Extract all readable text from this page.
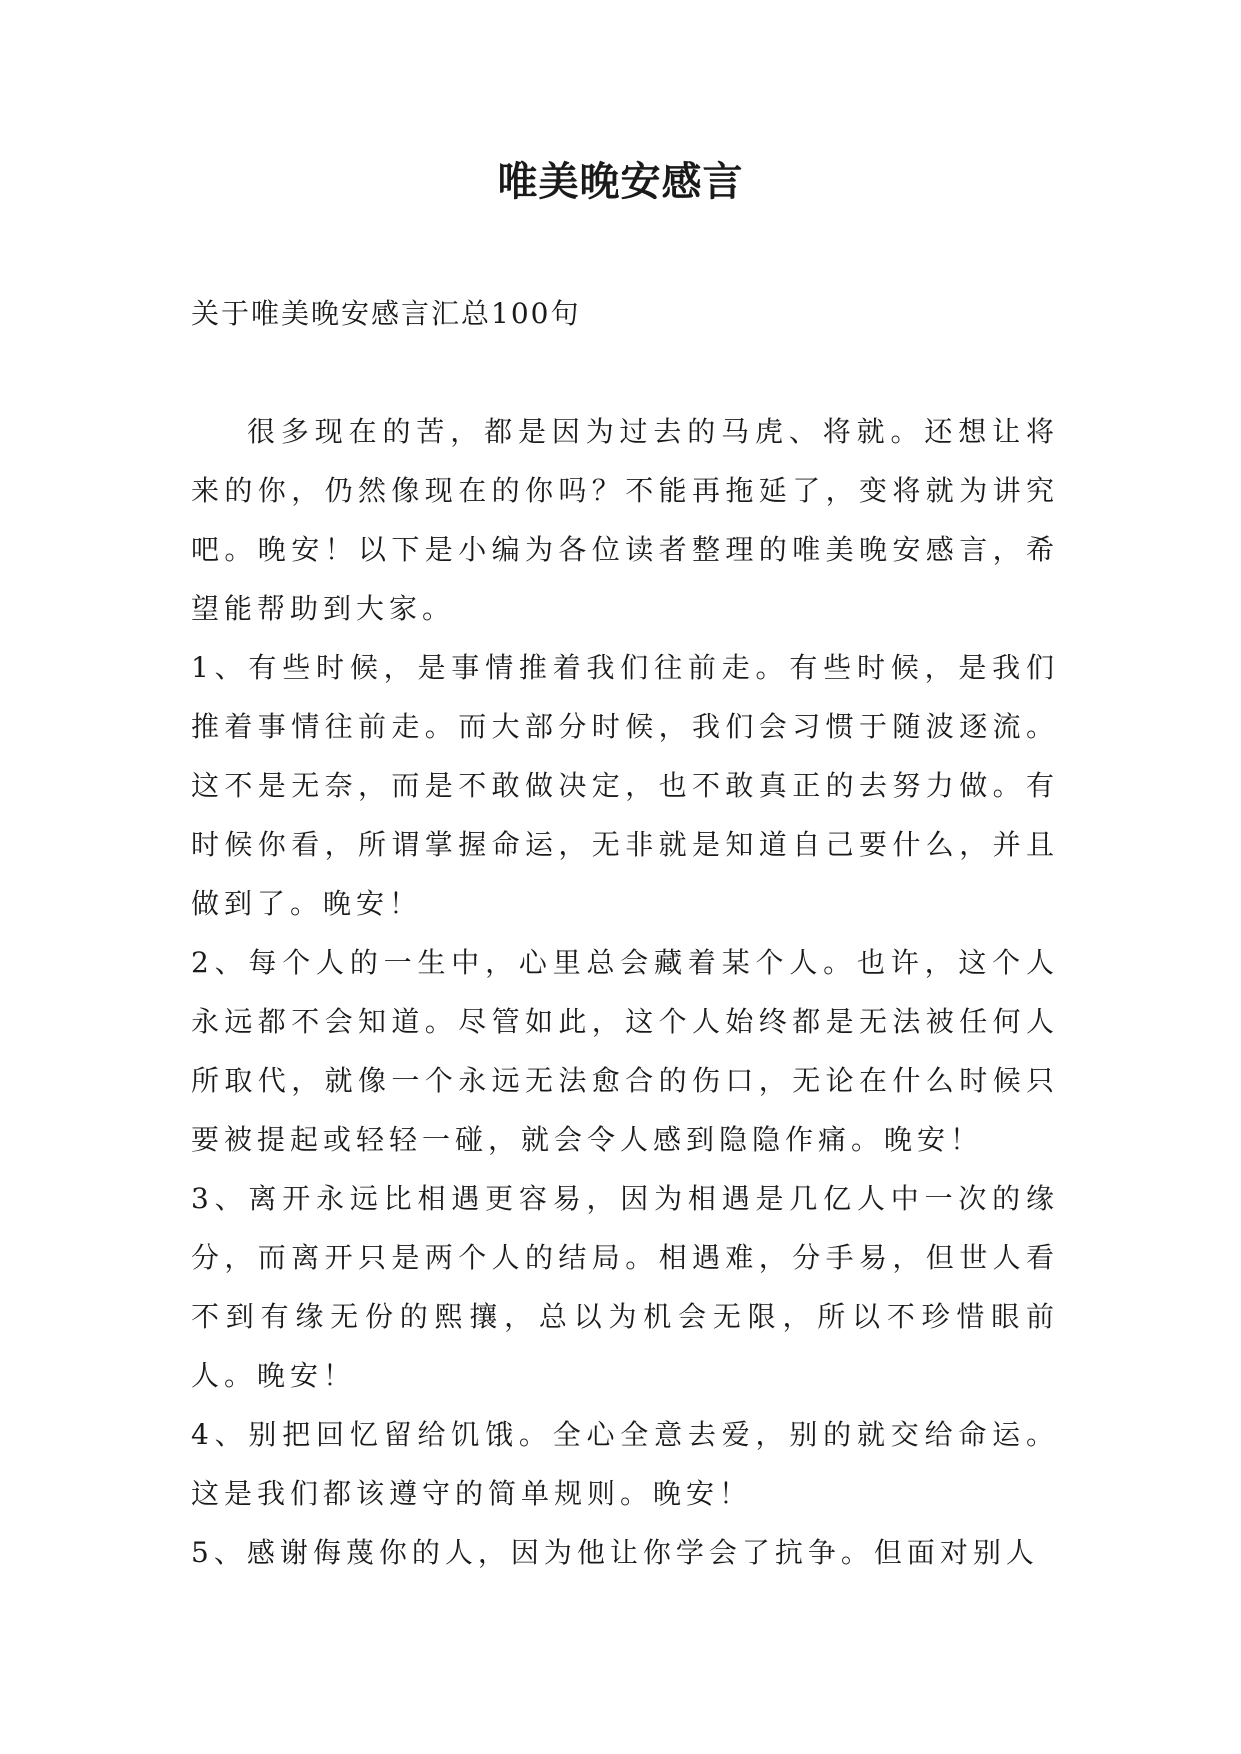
唯美晚安感言

关于唯美晚安感言汇总100句

很多现在的苦，都是因为过去的马虎、将就。还想让将来的你，仍然像现在的你吗？不能再拖延了，变将就为讲究吧。晚安！以下是小编为各位读者整理的唯美晚安感言，希望能帮助到大家。

1、有些时候，是事情推着我们往前走。有些时候，是我们推着事情往前走。而大部分时候，我们会习惯于随波逐流。这不是无奈，而是不敢做决定，也不敢真正的去努力做。有时候你看，所谓掌握命运，无非就是知道自己要什么，并且做到了。晚安！

2、每个人的一生中，心里总会藏着某个人。也许，这个人永远都不会知道。尽管如此，这个人始终都是无法被任何人所取代，就像一个永远无法愈合的伤口，无论在什么时候只要被提起或轻轻一碰，就会令人感到隐隐作痛。晚安！

3、离开永远比相遇更容易，因为相遇是几亿人中一次的缘分，而离开只是两个人的结局。相遇难，分手易，但世人看不到有缘无份的熙攘，总以为机会无限，所以不珍惜眼前人。晚安！

4、别把回忆留给饥饿。全心全意去爱，别的就交给命运。这是我们都该遵守的简单规则。晚安！

5、感谢侮蔑你的人，因为他让你学会了抗争。但面对别人
